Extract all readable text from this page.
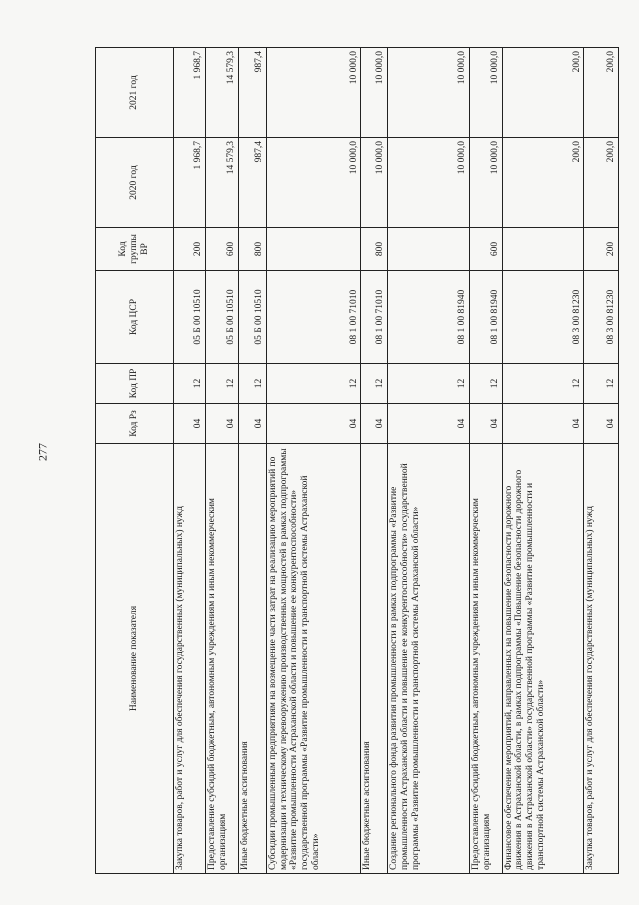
277
Наименование показателя	Код Рз	Код ПР	Код ЦСР	Код группы ВР	2020 год	2021 год
Закупка товаров, работ и услуг для обеспечения государственных (муниципальных) нужд	04	12	05 Б 00 10510	200	1 968,7	1 968,7
Предоставление субсидий бюджетным, автономным учреждениям и иным некоммерческим организациям	04	12	05 Б 00 10510	600	14 579,3	14 579,3
Иные бюджетные ассигнования	04	12	05 Б 00 10510	800	987,4	987,4
Субсидии промышленным предприятиям на возмещение части затрат на реализацию мероприятий по модернизации и техническому перевооружению производственных мощностей в рамках подпрограммы «Развитие промышленности Астраханской области и повышение ее конкурентоспособности» государственной программы «Развитие промышленности и транспортной системы Астраханской области»	04	12	08 1 00 71010		10 000,0	10 000,0
Иные бюджетные ассигнования	04	12	08 1 00 71010	800	10 000,0	10 000,0
Создание регионального фонда развития промышленности в рамках подпрограммы «Развитие промышленности Астраханской области и повышение ее конкурентоспособности» государственной программы «Развитие промышленности и транспортной системы Астраханской области»	04	12	08 1 00 81940		10 000,0	10 000,0
Предоставление субсидий бюджетным, автономным учреждениям и иным некоммерческим организациям	04	12	08 1 00 81940	600	10 000,0	10 000,0
Финансовое обеспечение мероприятий, направленных на повышение безопасности дорожного движения в Астраханской области, в рамках подпрограммы «Повышение безопасности дорожного движения в Астраханской области» государственной программы «Развитие промышленности и транспортной системы Астраханской области»	04	12	08 3 00 81230		200,0	200,0
Закупка товаров, работ и услуг для обеспечения государственных (муниципальных) нужд	04	12	08 3 00 81230	200	200,0	200,0
